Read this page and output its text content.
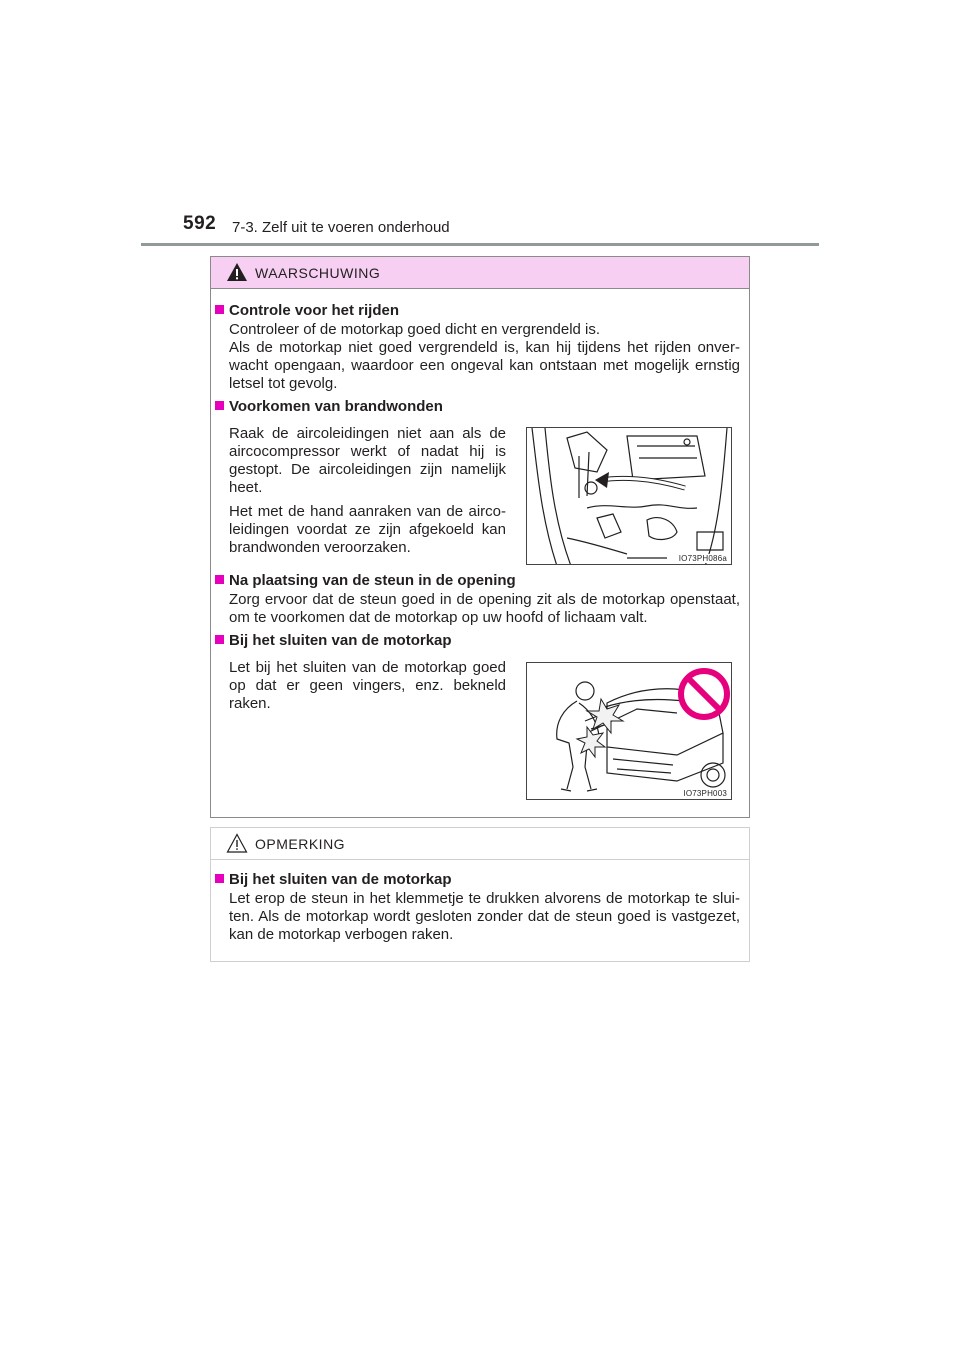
592 7-3. Zelf uit te voeren onderhoud
WAARSCHUWING
Controle voor het rijden

Controleer of de motorkap goed dicht en vergrendeld is.

Als de motorkap niet goed vergrendeld is, kan hij tijdens het rijden onver-wacht opengaan, waardoor een ongeval kan ontstaan met mogelijk ernstig letsel tot gevolg.

Voorkomen van brandwonden

Raak de aircoleidingen niet aan als de aircocompressor werkt of nadat hij is gestopt. De aircoleidingen zijn namelijk heet.

Het met de hand aanraken van de airco-leidingen voordat ze zijn afgekoeld kan brandwonden veroorzaken.

IO73PH086a
Na plaatsing van de steun in de opening

Zorg ervoor dat de steun goed in de opening zit als de motorkap openstaat, om te voorkomen dat de motorkap op uw hoofd of lichaam valt.

Bij het sluiten van de motorkap

Let bij het sluiten van de motorkap goed op dat er geen vingers, enz. bekneld raken.

IO73PH003
OPMERKING
Bij het sluiten van de motorkap

Let erop de steun in het klemmetje te drukken alvorens de motorkap te slui-ten. Als de motorkap wordt gesloten zonder dat de steun goed is vastgezet, kan de motorkap verbogen raken.
